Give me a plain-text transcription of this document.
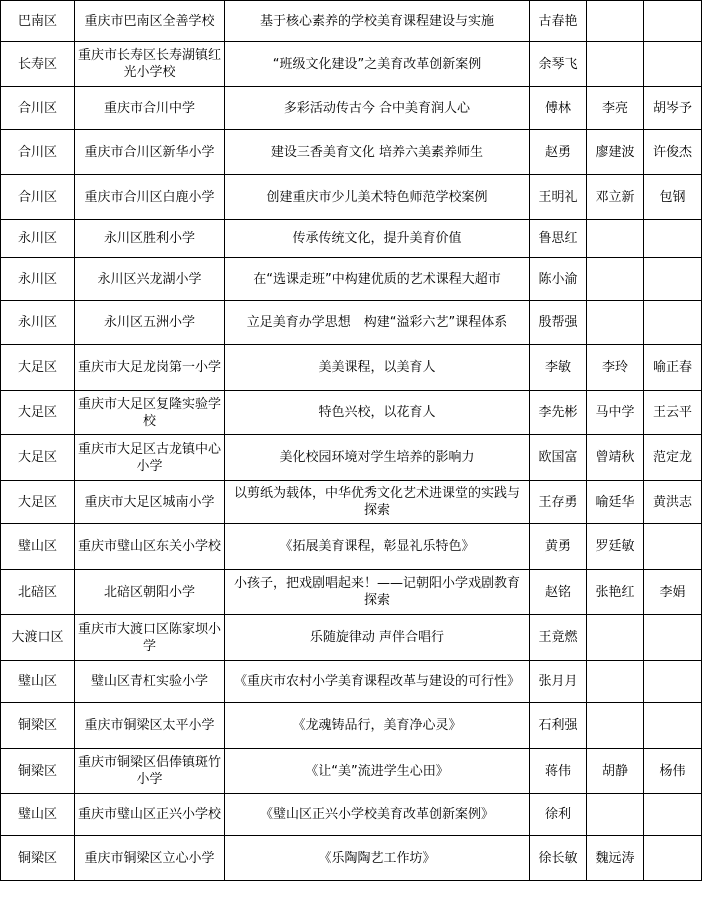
巴南区	重庆市巴南区全善学校	基于核心素养的学校美育课程建设与实施	古春艳		
长寿区	重庆市长寿区长寿湖镇红光小学校	“班级文化建设”之美育改革创新案例	余琴飞		
合川区	重庆市合川中学	多彩活动传古今 合中美育润人心	傅林	李亮	胡岑予
合川区	重庆市合川区新华小学	建设三香美育文化 培养六美素养师生	赵勇	廖建波	许俊杰
合川区	重庆市合川区白鹿小学	创建重庆市少儿美术特色师范学校案例	王明礼	邓立新	包钢
永川区	永川区胜利小学	传承传统文化，提升美育价值	鲁思红		
永川区	永川区兴龙湖小学	在“选课走班”中构建优质的艺术课程大超市	陈小渝		
永川区	永川区五洲小学	立足美育办学思想　构建“溢彩六艺”课程体系	殷帮强		
大足区	重庆市大足龙岗第一小学	美美课程，以美育人	李敏	李玲	喻正春
大足区	重庆市大足区复隆实验学校	特色兴校，以花育人	李先彬	马中学	王云平
大足区	重庆市大足区古龙镇中心小学	美化校园环境对学生培养的影响力	欧国富	曾靖秋	范定龙
大足区	重庆市大足区城南小学	以剪纸为载体，中华优秀文化艺术进课堂的实践与探索	王存勇	喻廷华	黄洪志
璧山区	重庆市璧山区东关小学校	《拓展美育课程，彰显礼乐特色》	黄勇	罗廷敏	
北碚区	北碚区朝阳小学	小孩子，把戏剧唱起来！——记朝阳小学戏剧教育探索	赵铭	张艳红	李娟
大渡口区	重庆市大渡口区陈家坝小学	乐随旋律动 声伴合唱行	王竟燃		
璧山区	璧山区青杠实验小学	《重庆市农村小学美育课程改革与建设的可行性》	张月月		
铜梁区	重庆市铜梁区太平小学	《龙魂铸品行，美育净心灵》	石利强		
铜梁区	重庆市铜梁区侣俸镇斑竹小学	《让“美”流进学生心田》	蒋伟	胡静	杨伟
璧山区	重庆市璧山区正兴小学校	《璧山区正兴小学校美育改革创新案例》	徐利		
铜梁区	重庆市铜梁区立心小学	《乐陶陶艺工作坊》	徐长敏	魏远涛	
